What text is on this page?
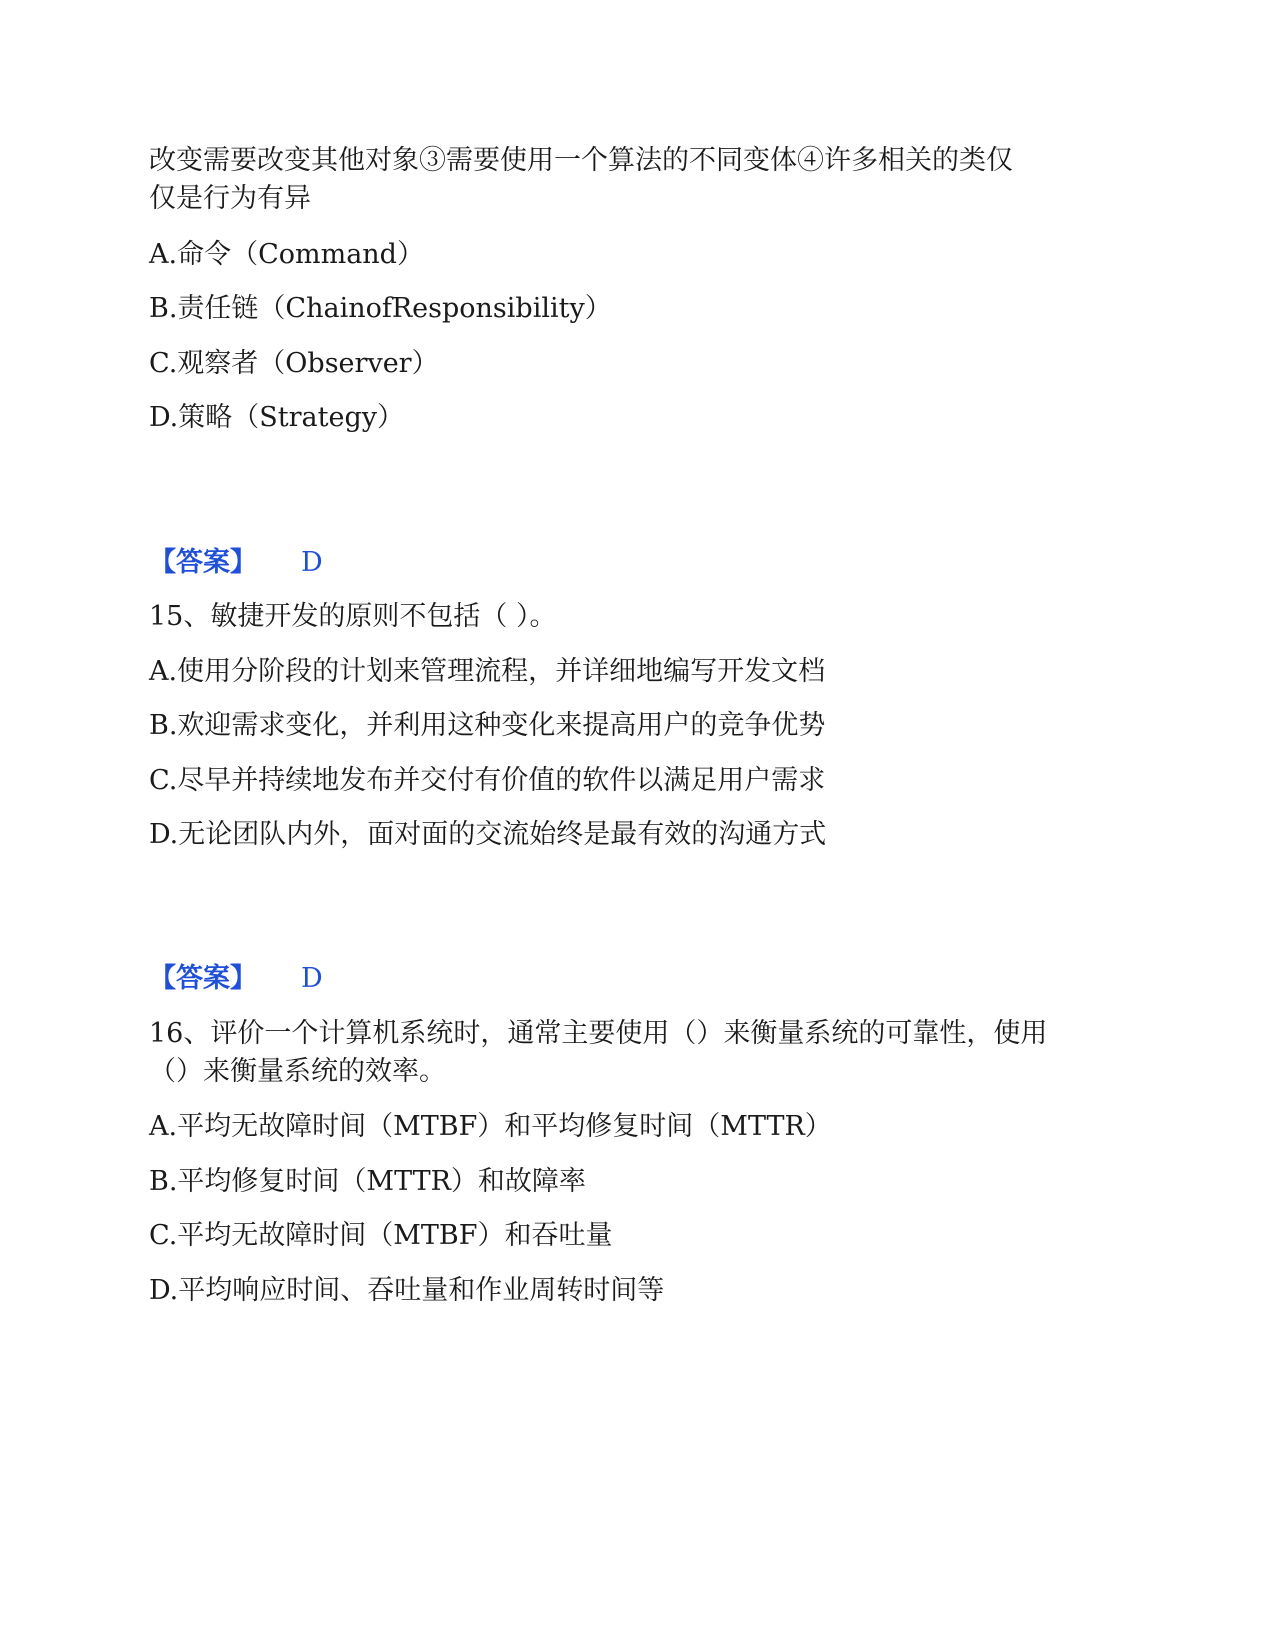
改变需要改变其他对象③需要使用一个算法的不同变体④许多相关的类仅
仅是行为有异
A.命令（Command）
B.责任链（ChainofResponsibility）
C.观察者（Observer）
D.策略（Strategy）
【答案】 D
15、敏捷开发的原则不包括（ ）。
A.使用分阶段的计划来管理流程，并详细地编写开发文档
B.欢迎需求变化，并利用这种变化来提高用户的竞争优势
C.尽早并持续地发布并交付有价值的软件以满足用户需求
D.无论团队内外，面对面的交流始终是最有效的沟通方式
【答案】 D
16、评价一个计算机系统时，通常主要使用（）来衡量系统的可靠性，使用
（）来衡量系统的效率。
A.平均无故障时间（MTBF）和平均修复时间（MTTR）
B.平均修复时间（MTTR）和故障率
C.平均无故障时间（MTBF）和吞吐量
D.平均响应时间、吞吐量和作业周转时间等
